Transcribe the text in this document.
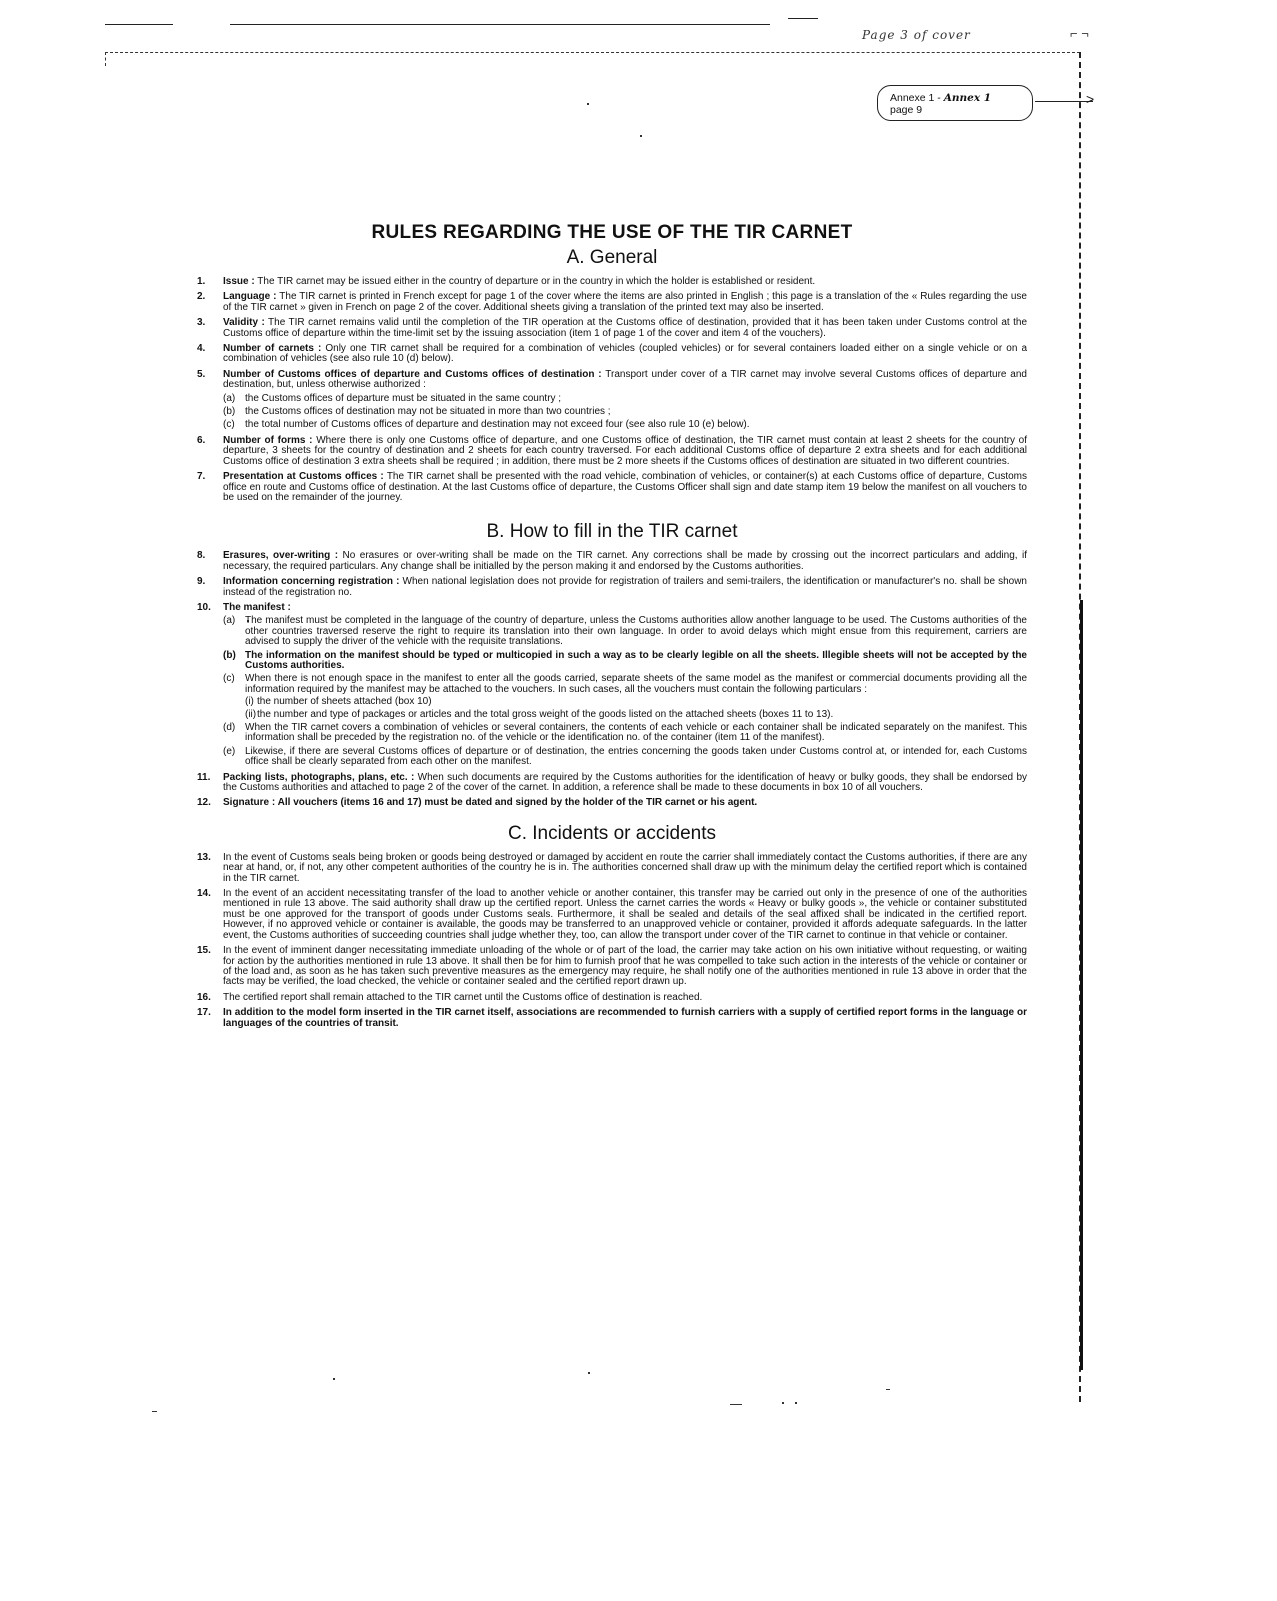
Page 3 of cover	⌐ ¬
Annexe 1 - Annex 1
page 9
>
RULES REGARDING THE USE OF THE TIR CARNET
A. General
1. Issue : The TIR carnet may be issued either in the country of departure or in the country in which the holder is established or resident.
2. Language : The TIR carnet is printed in French except for page 1 of the cover where the items are also printed in English ; this page is a translation of the « Rules regarding the use of the TIR carnet » given in French on page 2 of the cover. Additional sheets giving a translation of the printed text may also be inserted.
3. Validity : The TIR carnet remains valid until the completion of the TIR operation at the Customs office of destination, provided that it has been taken under Customs control at the Customs office of departure within the time-limit set by the issuing association (item 1 of page 1 of the cover and item 4 of the vouchers).
4. Number of carnets : Only one TIR carnet shall be required for a combination of vehicles (coupled vehicles) or for several containers loaded either on a single vehicle or on a combination of vehicles (see also rule 10 (d) below).
5. Number of Customs offices of departure and Customs offices of destination : Transport under cover of a TIR carnet may involve several Customs offices of departure and destination, but, unless otherwise authorized :
(a) the Customs offices of departure must be situated in the same country ;
(b) the Customs offices of destination may not be situated in more than two countries ;
(c) the total number of Customs offices of departure and destination may not exceed four (see also rule 10 (e) below).
6. Number of forms : Where there is only one Customs office of departure, and one Customs office of destination, the TIR carnet must contain at least 2 sheets for the country of departure, 3 sheets for the country of destination and 2 sheets for each country traversed. For each additional Customs office of departure 2 extra sheets and for each additional Customs office of destination 3 extra sheets shall be required ; in addition, there must be 2 more sheets if the Customs offices of destination are situated in two different countries.
7. Presentation at Customs offices : The TIR carnet shall be presented with the road vehicle, combination of vehicles, or container(s) at each Customs office of departure, Customs office en route and Customs office of destination. At the last Customs office of departure, the Customs Officer shall sign and date stamp item 19 below the manifest on all vouchers to be used on the remainder of the journey.
B. How to fill in the TIR carnet
8. Erasures, over-writing : No erasures or over-writing shall be made on the TIR carnet. Any corrections shall be made by crossing out the incorrect particulars and adding, if necessary, the required particulars. Any change shall be initialled by the person making it and endorsed by the Customs authorities.
9. Information concerning registration : When national legislation does not provide for registration of trailers and semi-trailers, the identification or manufacturer's no. shall be shown instead of the registration no.
10. The manifest :
(a) The manifest must be completed in the language of the country of departure, unless the Customs authorities allow another language to be used. The Customs authorities of the other countries traversed reserve the right to require its translation into their own language. In order to avoid delays which might ensue from this requirement, carriers are advised to supply the driver of the vehicle with the requisite translations.
(b) The information on the manifest should be typed or multicopied in such a way as to be clearly legible on all the sheets. Illegible sheets will not be accepted by the Customs authorities.
(c) When there is not enough space in the manifest to enter all the goods carried, separate sheets of the same model as the manifest or commercial documents providing all the information required by the manifest may be attached to the vouchers. In such cases, all the vouchers must contain the following particulars :
(i) the number of sheets attached (box 10)
(ii) the number and type of packages or articles and the total gross weight of the goods listed on the attached sheets (boxes 11 to 13).
(d) When the TIR carnet covers a combination of vehicles or several containers, the contents of each vehicle or each container shall be indicated separately on the manifest. This information shall be preceded by the registration no. of the vehicle or the identification no. of the container (item 11 of the manifest).
(e) Likewise, if there are several Customs offices of departure or of destination, the entries concerning the goods taken under Customs control at, or intended for, each Customs office shall be clearly separated from each other on the manifest.
11. Packing lists, photographs, plans, etc. : When such documents are required by the Customs authorities for the identification of heavy or bulky goods, they shall be endorsed by the Customs authorities and attached to page 2 of the cover of the carnet. In addition, a reference shall be made to these documents in box 10 of all vouchers.
12. Signature : All vouchers (items 16 and 17) must be dated and signed by the holder of the TIR carnet or his agent.
C. Incidents or accidents
13. In the event of Customs seals being broken or goods being destroyed or damaged by accident en route the carrier shall immediately contact the Customs authorities, if there are any near at hand, or, if not, any other competent authorities of the country he is in. The authorities concerned shall draw up with the minimum delay the certified report which is contained in the TIR carnet.
14. In the event of an accident necessitating transfer of the load to another vehicle or another container, this transfer may be carried out only in the presence of one of the authorities mentioned in rule 13 above. The said authority shall draw up the certified report. Unless the carnet carries the words « Heavy or bulky goods », the vehicle or container substituted must be one approved for the transport of goods under Customs seals. Furthermore, it shall be sealed and details of the seal affixed shall be indicated in the certified report. However, if no approved vehicle or container is available, the goods may be transferred to an unapproved vehicle or container, provided it affords adequate safeguards. In the latter event, the Customs authorities of succeeding countries shall judge whether they, too, can allow the transport under cover of the TIR carnet to continue in that vehicle or container.
15. In the event of imminent danger necessitating immediate unloading of the whole or of part of the load, the carrier may take action on his own initiative without requesting, or waiting for action by the authorities mentioned in rule 13 above. It shall then be for him to furnish proof that he was compelled to take such action in the interests of the vehicle or container or of the load and, as soon as he has taken such preventive measures as the emergency may require, he shall notify one of the authorities mentioned in rule 13 above in order that the facts may be verified, the load checked, the vehicle or container sealed and the certified report drawn up.
16. The certified report shall remain attached to the TIR carnet until the Customs office of destination is reached.
17. In addition to the model form inserted in the TIR carnet itself, associations are recommended to furnish carriers with a supply of certified report forms in the language or languages of the countries of transit.
